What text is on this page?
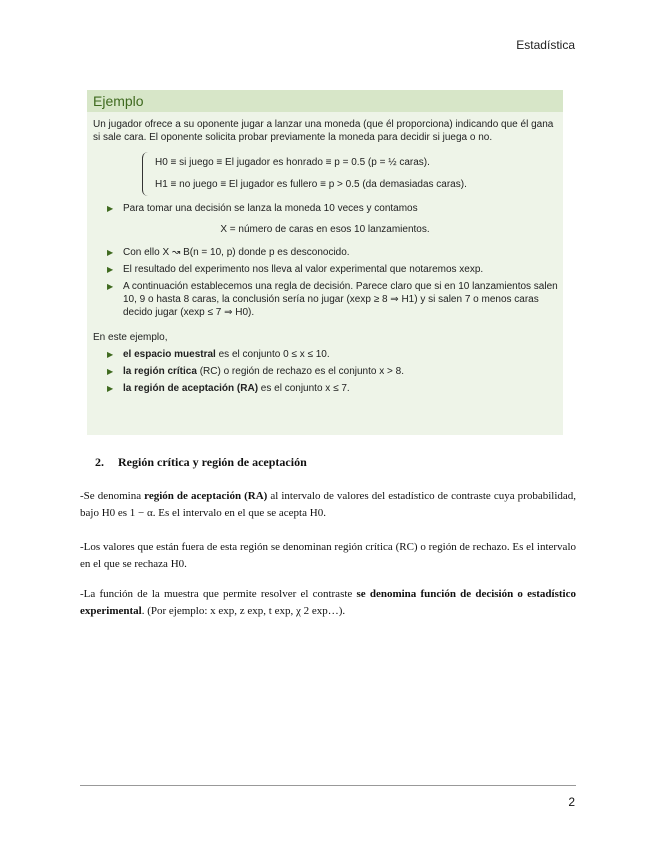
Estadística
Ejemplo
Un jugador ofrece a su oponente jugar a lanzar una moneda (que él proporciona) indicando que él gana si sale cara. El oponente solicita probar previamente la moneda para decidir si juega o no.
H0 ≡ si juego ≡ El jugador es honrado ≡ p = 0.5 (p = ½ caras).
H1 ≡ no juego ≡ El jugador es fullero ≡ p > 0.5 (da demasiadas caras).
▶ Para tomar una decisión se lanza la moneda 10 veces y contamos
X = número de caras en esos 10 lanzamientos.
▶ Con ello X ↝ B(n = 10, p) donde p es desconocido.
▶ El resultado del experimento nos lleva al valor experimental que notaremos xexp.
▶ A continuación establecemos una regla de decisión. Parece claro que si en 10 lanzamientos salen 10, 9 o hasta 8 caras, la conclusión sería no jugar (xexp ≥ 8 ⇒ H1) y si salen 7 o menos caras decido jugar (xexp ≤ 7 ⇒ H0).
En este ejemplo,
▶ el espacio muestral es el conjunto 0 ≤ x ≤ 10.
▶ la región crítica (RC) o región de rechazo es el conjunto x > 8.
▶ la región de aceptación (RA) es el conjunto x ≤ 7.
2. Región crítica y región de aceptación
-Se denomina región de aceptación (RA) al intervalo de valores del estadístico de contraste cuya probabilidad, bajo H0 es 1 − α. Es el intervalo en el que se acepta H0.
-Los valores que están fuera de esta región se denominan región crítica (RC) o región de rechazo. Es el intervalo en el que se rechaza H0.
-La función de la muestra que permite resolver el contraste se denomina función de decisión o estadístico experimental. (Por ejemplo: x exp, z exp, t exp, χ 2 exp…).
2
